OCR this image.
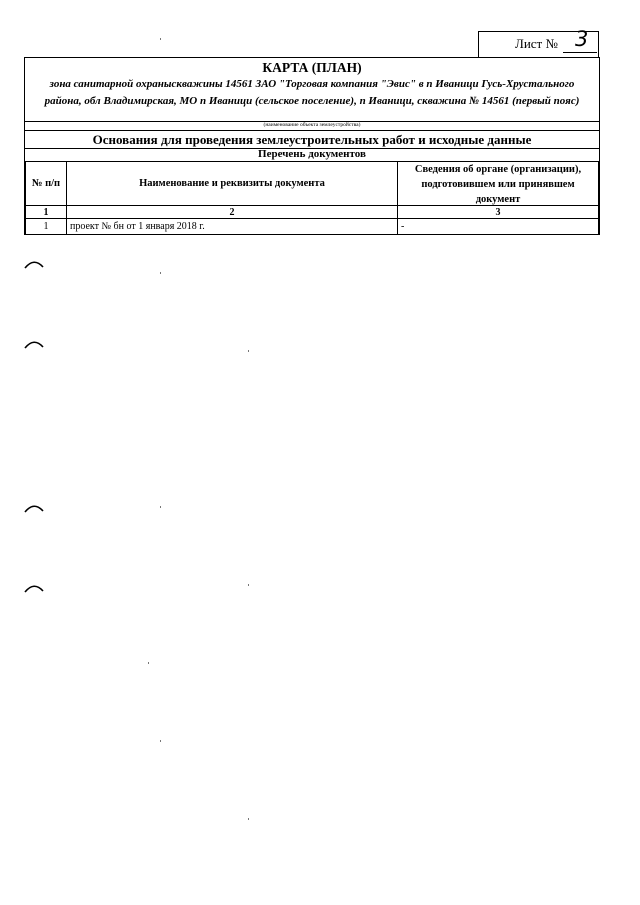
Лист № 3
КАРТА (ПЛАН)
зона санитарной охраныскважины 14561 ЗАО "Торговая компания "Эвис" в п Иваници Гусь-Хрустального района, обл Владимирская, МО п Иваници (сельское поселение), п Иваници, скважина № 14561 (первый пояс)
(наименование объекта землеустройства)
Основания для проведения землеустроительных работ и исходные данные
Перечень документов
№ п/п	Наименование и реквизиты документа	Сведения об органе (организации), подготовившем или принявшем документ

1	2	3
1	проект № бн от 1 января 2018 г.	-
